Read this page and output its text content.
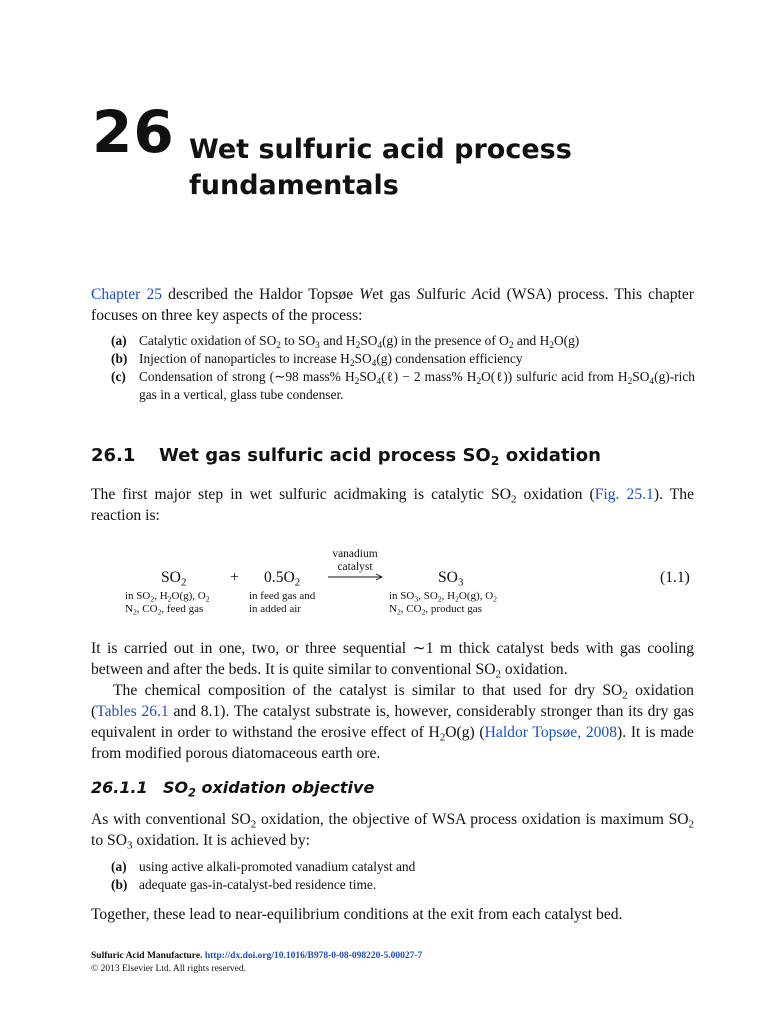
26 Wet sulfuric acid process
fundamentals
Chapter 25 described the Haldor Topsøe Wet gas Sulfuric Acid (WSA) process. This chapter focuses on three key aspects of the process:
(a) Catalytic oxidation of $SO_2$ to $SO_3$ and $H_2SO_4(g)$ in the presence of $O_2$ and $H_2O(g)$
(b) Injection of nanoparticles to increase $H_2SO_4(g)$ condensation efficiency
(c) Condensation of strong (∼98 mass% $H_2SO_4(\ell) - 2$ mass% $H_2O(\ell)$) sulfuric acid from $H_2SO_4(g)$-rich gas in a vertical, glass tube condenser.
26.1 Wet gas sulfuric acid process $SO_2$ oxidation
The first major step in wet sulfuric acidmaking is catalytic $SO_2$ oxidation (Fig. 25.1). The reaction is:
$SO_2$	+ $0.5O_2$
vanadium
catalyst
$SO_3$	(1.1)
in $SO_2$, $H_2O(g)$, $O_2$
$N_2$, $CO_2$, feed gas
in feed gas and
in added air
in $SO_3$, $SO_2$, $H_2O(g)$, $O_2$
$N_2$, $CO_2$, product gas
It is carried out in one, two, or three sequential ∼1 m thick catalyst beds with gas cooling between and after the beds. It is quite similar to conventional $SO_2$ oxidation.
The chemical composition of the catalyst is similar to that used for dry $SO_2$ oxidation (Tables 26.1 and 8.1). The catalyst substrate is, however, considerably stronger than its dry gas equivalent in order to withstand the erosive effect of $H_2O(g)$ (Haldor Topsøe, 2008). It is made from modified porous diatomaceous earth ore.
26.1.1 $SO_2$ oxidation objective
As with conventional $SO_2$ oxidation, the objective of WSA process oxidation is maximum $SO_2$ to $SO_3$ oxidation. It is achieved by:
(a) using active alkali-promoted vanadium catalyst and
(b) adequate gas-in-catalyst-bed residence time.
Together, these lead to near-equilibrium conditions at the exit from each catalyst bed.
Sulfuric Acid Manufacture. http://dx.doi.org/10.1016/B978-0-08-098220-5.00027-7
© 2013 Elsevier Ltd. All rights reserved.
